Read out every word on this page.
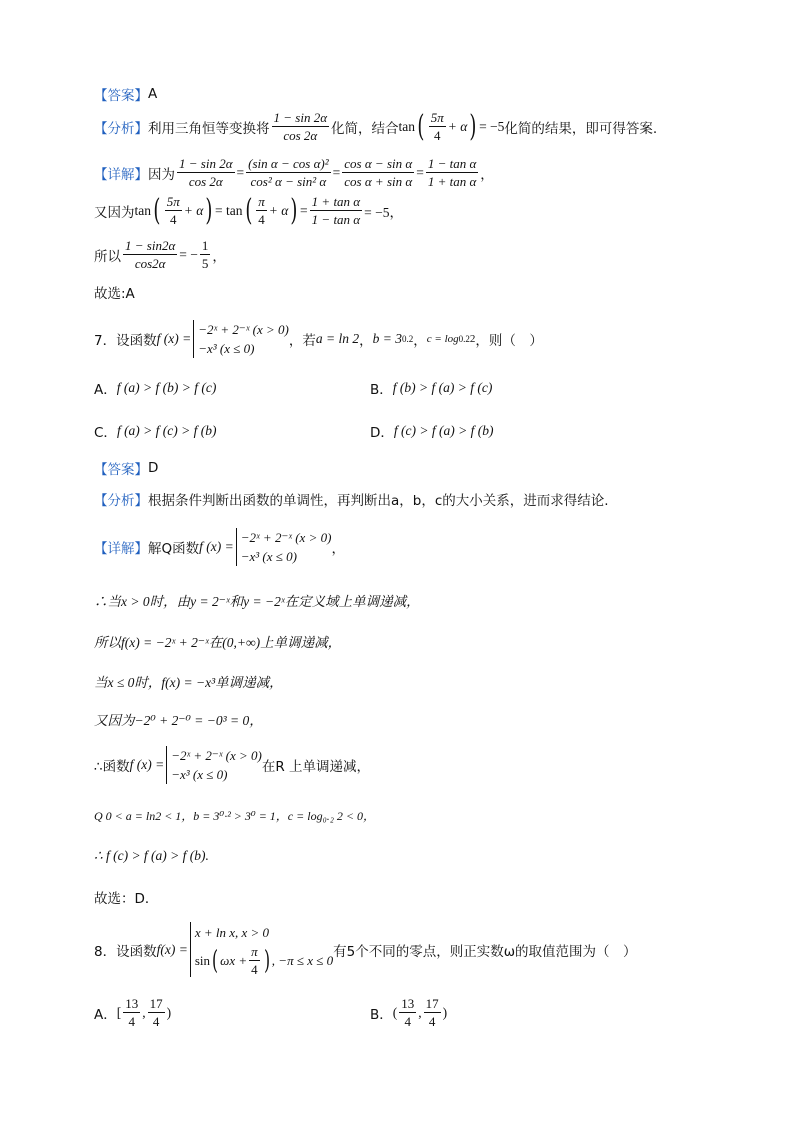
【答案】 A
【分析】 利用三角恒等变换将 $\frac{1 - \sin 2\alpha}{\cos 2\alpha}$ 化简，结合 tan ( $\frac{5\pi}{4} + \alpha$ ) = −5 化简的结果，即可得答案.
【详解】 因为 $\frac{1 - \sin 2\alpha}{\cos 2\alpha} = \frac{\text{(sin α − cos α)²}}{\text{cos² α − sin² α}} = \frac{\text{cos α − sin α}}{\text{cos α + sin α}} = \frac{\text{1 − tan α}}{\text{1 + tan α}}$ ，
又因为 tan ( $\frac{5\pi}{4} + \alpha$ ) = tan ( $\frac{\pi}{4} + \alpha$ ) = $\frac{\text{1 + tan α}}{\text{1 − tan α}} = -5$，
所以 $\frac{1 - \sin 2\alpha}{\cos 2\alpha}$ = − $\frac{1}{5}$ ，
故选:A
7．设函数 f (x) =
−2ˣ + 2⁻ˣ (x > 0)
−x³ (x ≤ 0)	，若 a = ln 2 ， b = 3 0.2 ， c = log 0.2 2 ，则（　）
A． f (a) > f (b) > f (c)	B． f (b) > f (a) > f (c)
C． f (a) > f (c) > f (b)	D． f (c) > f (a) > f (b)
【答案】 D
【分析】 根据条件判断出函数的单调性，再判断出a，b，c的大小关系，进而求得结论.
【详解】 解Q函数 f (x) =
−2ˣ + 2⁻ˣ (x > 0)
−x³ (x ≤ 0)	，
∴当x > 0时，由y = 2⁻ˣ和y = −2ˣ在定义域上单调递减，
所以f(x) = −2ˣ + 2⁻ˣ在(0,+∞)上单调递减，
当x ≤ 0时，f(x) = −x³单调递减，
又因为−2⁰ + 2⁻⁰ = −0³ = 0，
∴函数 f (x) =
−2ˣ + 2⁻ˣ (x > 0)
−x³ (x ≤ 0)	在R 上单调递减，
Q 0 < a = ln2 < 1，b = 3⁰·² > 3⁰ = 1，c = log₀.₂ 2 < 0，
∴ f (c) > f (a) > f (b).
故选：D．
8．设函数 f(x) =
x + ln x, x > 0
sin ( $\omega x + \frac{\pi}{4}$ ) , −π ≤ x ≤ 0
有5个不同的零点，则正实数ω的取值范围为（　）
A． [ $\frac{13}{4}$ , $\frac{17}{4}$ )	B． ( $\frac{13}{4}$ , $\frac{17}{4}$ )
